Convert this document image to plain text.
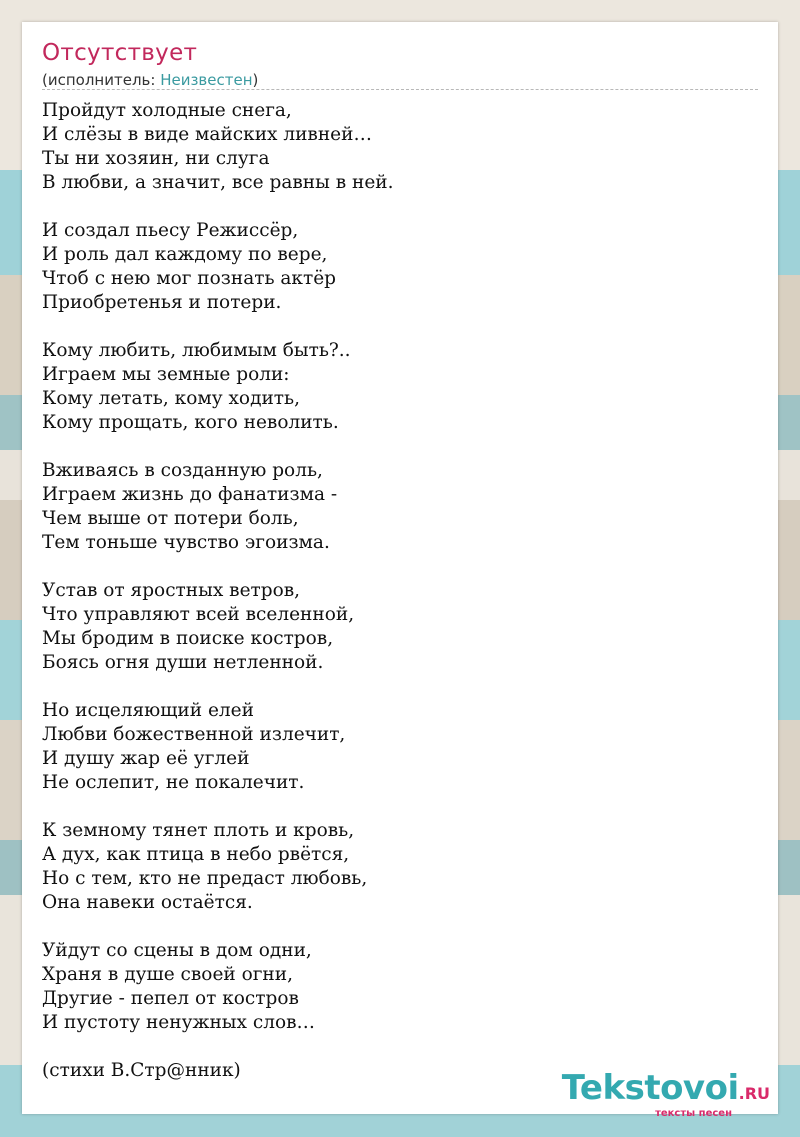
Отсутствует
(исполнитель: Неизвестен)
Пройдут холодные снега,
И слёзы в виде майских ливней…
Ты ни хозяин, ни слуга
В любви, а значит, все равны в ней.
И создал пьесу Режиссёр,
И роль дал каждому по вере,
Чтоб с нею мог познать актёр
Приобретенья и потери.
Кому любить, любимым быть?..
Играем мы земные роли:
Кому летать, кому ходить,
Кому прощать, кого неволить.
Вживаясь в созданную роль,
Играем жизнь до фанатизма -
Чем выше от потери боль,
Тем тоньше чувство эгоизма.
Устав от яростных ветров,
Что управляют всей вселенной,
Мы бродим в поиске костров,
Боясь огня души нетленной.
Но исцеляющий елей
Любви божественной излечит,
И душу жар её углей
Не ослепит, не покалечит.
К земному тянет плоть и кровь,
А дух, как птица в небо рвётся,
Но с тем, кто не предаст любовь,
Она навеки остаётся.
Уйдут со сцены в дом одни,
Храня в душе своей огни,
Другие - пепел от костров
И пустоту ненужных слов…
(стихи В.Стр@нник)	Tekstovoi.RU
тексты песен
